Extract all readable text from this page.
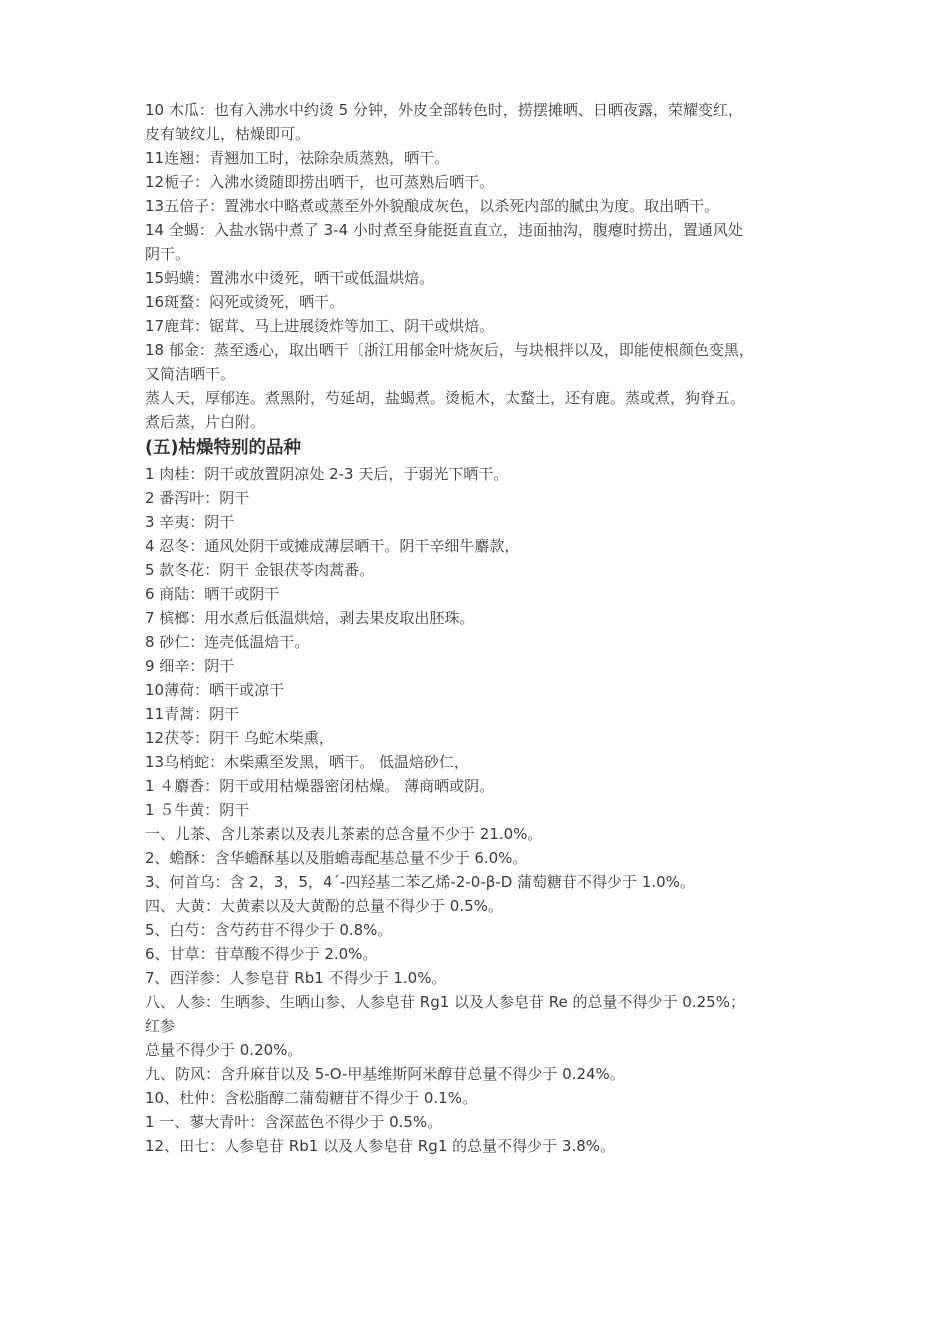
10 木瓜：也有入沸水中约烫 5 分钟，外皮全部转色时，捞摆摊晒、日晒夜露，荣耀变红，
皮有皱纹儿，枯燥即可。
11连翘：青翘加工时，祛除杂质蒸熟，晒干。
12栀子：入沸水烫随即捞出晒干，也可蒸熟后晒干。
13五倍子：置沸水中略煮或蒸至外外貌酿成灰色，以杀死内部的腻虫为度。取出晒干。
14 全蝎：入盐水锅中煮了 3-4 小时煮至身能挺直直立，违面抽沟，腹瘪时捞出，置通风处
阴干。
15蚂蟥：置沸水中烫死，晒干或低温烘焙。
16斑蝥：闷死或烫死，晒干。
17鹿茸：锯茸、马上进展烫炸等加工、阴干或烘焙。
18 郁金：蒸至透心，取出晒干〔浙江用郁金叶烧灰后，与块根拌以及，即能使根颜色变黑，
又简洁晒干。
蒸人天，厚郁连。煮黑附，芍延胡，盐蝎煮。烫栀木，太蝥土，还有鹿。蒸或煮，狗脊五。
煮后蒸，片白附。
(五)枯燥特别的品种
1 肉桂：阴干或放置阴凉处 2-3 天后，于弱光下晒干。
2 番泻叶：阴干
3 辛夷：阴干
4 忍冬：通风处阴干或摊成薄层晒干。阴干辛细牛麝款，
5 款冬花：阴干 金银茯苓肉蒿番。
6 商陆：晒干或阴干
7 槟榔：用水煮后低温烘焙，剥去果皮取出胚珠。
8 砂仁：连壳低温焙干。
9 细辛：阴干
10薄荷：晒干或凉干
11青蒿：阴干
12茯苓：阴干 乌蛇木柴熏，
13乌梢蛇：木柴熏至发黑，晒干。 低温焙砂仁，
1 ４麝香：阴干或用枯燥器密闭枯燥。 薄商晒或阴。
1 ５牛黄：阴干
一、儿茶、含儿茶素以及表儿茶素的总含量不少于 21.0%。
2、蟾酥：含华蟾酥基以及脂蟾毒配基总量不少于 6.0%。
3、何首乌：含 2，3，5，4´-四羟基二苯乙烯-2-0-β-D 蒲萄糖苷不得少于 1.0%。
四、大黄：大黄素以及大黄酚的总量不得少于 0.5%。
5、白芍：含芍药苷不得少于 0.8%。
6、甘草：苷草酸不得少于 2.0%。
7、西洋参：人参皂苷 Rb1 不得少于 1.0%。
八、人参：生晒参、生晒山参、人参皂苷 Rg1 以及人参皂苷 Re 的总量不得少于 0.25%；
红参
总量不得少于 0.20%。
九、防风：含升麻苷以及 5-O-甲基维斯阿米醇苷总量不得少于 0.24%。
10、杜仲：含松脂醇二蒲萄糖苷不得少于 0.1%。
1 一、蓼大青叶：含深蓝色不得少于 0.5%。
12、田七：人参皂苷 Rb1 以及人参皂苷 Rg1 的总量不得少于 3.8%。
